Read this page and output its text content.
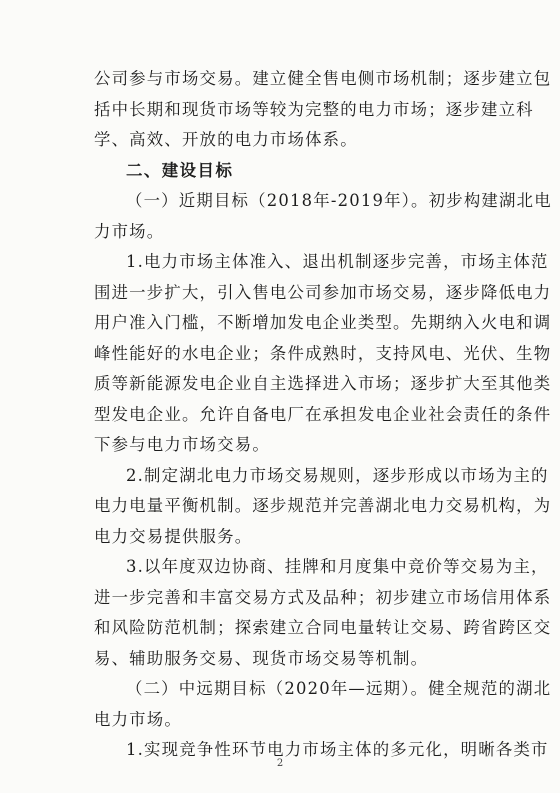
公司参与市场交易。建立健全售电侧市场机制；逐步建立包
括中长期和现货市场等较为完整的电力市场；逐步建立科
学、高效、开放的电力市场体系。
二、建设目标
（一）近期目标（2018年-2019年）。初步构建湖北电
力市场。
1.电力市场主体准入、退出机制逐步完善，市场主体范
围进一步扩大，引入售电公司参加市场交易，逐步降低电力
用户准入门槛，不断增加发电企业类型。先期纳入火电和调
峰性能好的水电企业；条件成熟时，支持风电、光伏、生物
质等新能源发电企业自主选择进入市场；逐步扩大至其他类
型发电企业。允许自备电厂在承担发电企业社会责任的条件
下参与电力市场交易。
2.制定湖北电力市场交易规则，逐步形成以市场为主的
电力电量平衡机制。逐步规范并完善湖北电力交易机构，为
电力交易提供服务。
3.以年度双边协商、挂牌和月度集中竞价等交易为主，
进一步完善和丰富交易方式及品种；初步建立市场信用体系
和风险防范机制；探索建立合同电量转让交易、跨省跨区交
易、辅助服务交易、现货市场交易等机制。
（二）中远期目标（2020年—远期）。健全规范的湖北
电力市场。
1.实现竞争性环节电力市场主体的多元化，明晰各类市
2
